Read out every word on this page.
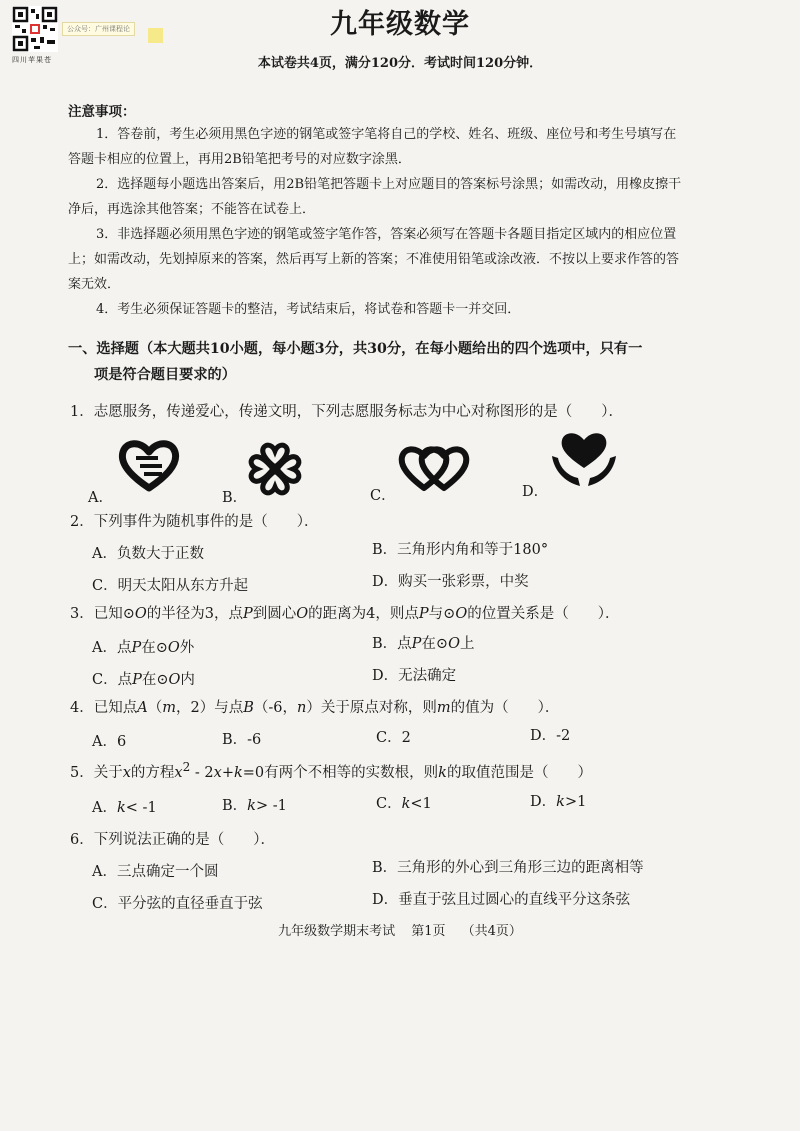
四川苹果苍
公众号：广州课程论	九年级数学
本试卷共4页，满分120分．考试时间120分钟．
注意事项：
1．答卷前，考生必须用黑色字迹的钢笔或签字笔将自己的学校、姓名、班级、座位号和考生号填写在答题卡相应的位置上，再用2B铅笔把考号的对应数字涂黑．
2．选择题每小题选出答案后，用2B铅笔把答题卡上对应题目的答案标号涂黑；如需改动，用橡皮擦干净后，再选涂其他答案；不能答在试卷上．
3．非选择题必须用黑色字迹的钢笔或签字笔作答，答案必须写在答题卡各题目指定区域内的相应位置上；如需改动，先划掉原来的答案，然后再写上新的答案；不准使用铅笔或涂改液．不按以上要求作答的答案无效．
4．考生必须保证答题卡的整洁，考试结束后，将试卷和答题卡一并交回．
一、选择题（本大题共10小题，每小题3分，共30分，在每小题给出的四个选项中，只有一
项是符合题目要求的）
1．志愿服务，传递爱心，传递文明，下列志愿服务标志为中心对称图形的是（　　）．
A．	B．	C．	D．
2．下列事件为随机事件的是（　　）．
A．负数大于正数	B．三角形内角和等于180°
C．明天太阳从东方升起	D．购买一张彩票，中奖
3．已知⊙O的半径为3，点P到圆心O的距离为4，则点P与⊙O的位置关系是（　　）．
A．点P在⊙O外	B．点P在⊙O上
C．点P在⊙O内	D．无法确定
4．已知点A（m，2）与点B（-6，n）关于原点对称，则m的值为（　　）．
A．6	B．-6	C．2	D．-2
5．关于x的方程$x^2 - 2x+k=0$有两个不相等的实数根，则k的取值范围是（　　）
A．k< -1	B．k> -1	C．k<1	D．k>1
6．下列说法正确的是（　　）．
A．三点确定一个圆	B．三角形的外心到三角形三边的距离相等
C．平分弦的直径垂直于弦	D．垂直于弦且过圆心的直线平分这条弦
九年级数学期末考试 第1页 （共4页）
